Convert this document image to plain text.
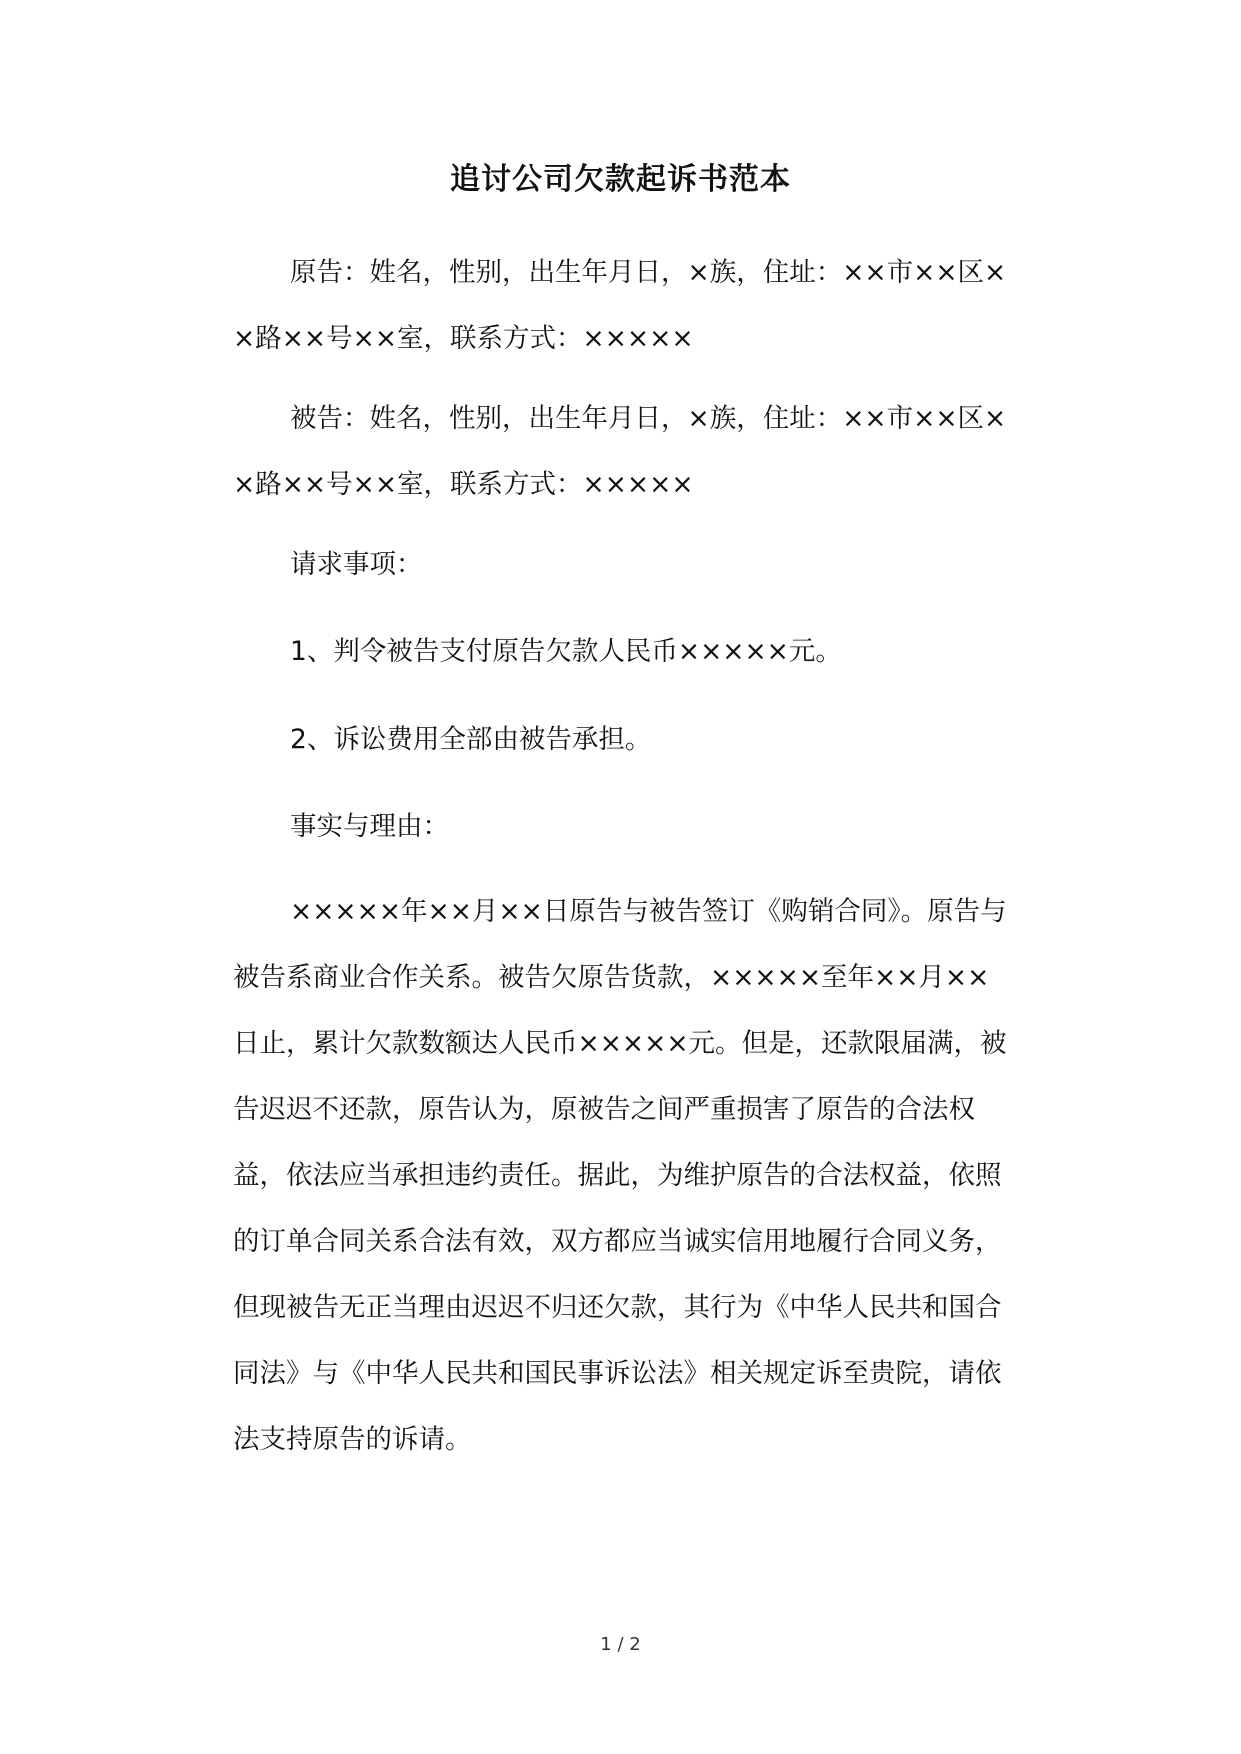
追讨公司欠款起诉书范本
原告：姓名，性别，出生年月日，×族，住址：××市××区××路××号××室，联系方式：×××××
被告：姓名，性别，出生年月日，×族，住址：××市××区××路××号××室，联系方式：×××××
请求事项：
1、判令被告支付原告欠款人民币×××××元。
2、诉讼费用全部由被告承担。
事实与理由：
×××××年××月××日原告与被告签订《购销合同》。原告与被告系商业合作关系。被告欠原告货款，×××××至年××月××日止，累计欠款数额达人民币×××××元。但是，还款限届满，被告迟迟不还款，原告认为，原被告之间严重损害了原告的合法权益，依法应当承担违约责任。据此，为维护原告的合法权益，依照的订单合同关系合法有效，双方都应当诚实信用地履行合同义务，但现被告无正当理由迟迟不归还欠款，其行为《中华人民共和国合同法》与《中华人民共和国民事诉讼法》相关规定诉至贵院，请依法支持原告的诉请。
1 / 2
